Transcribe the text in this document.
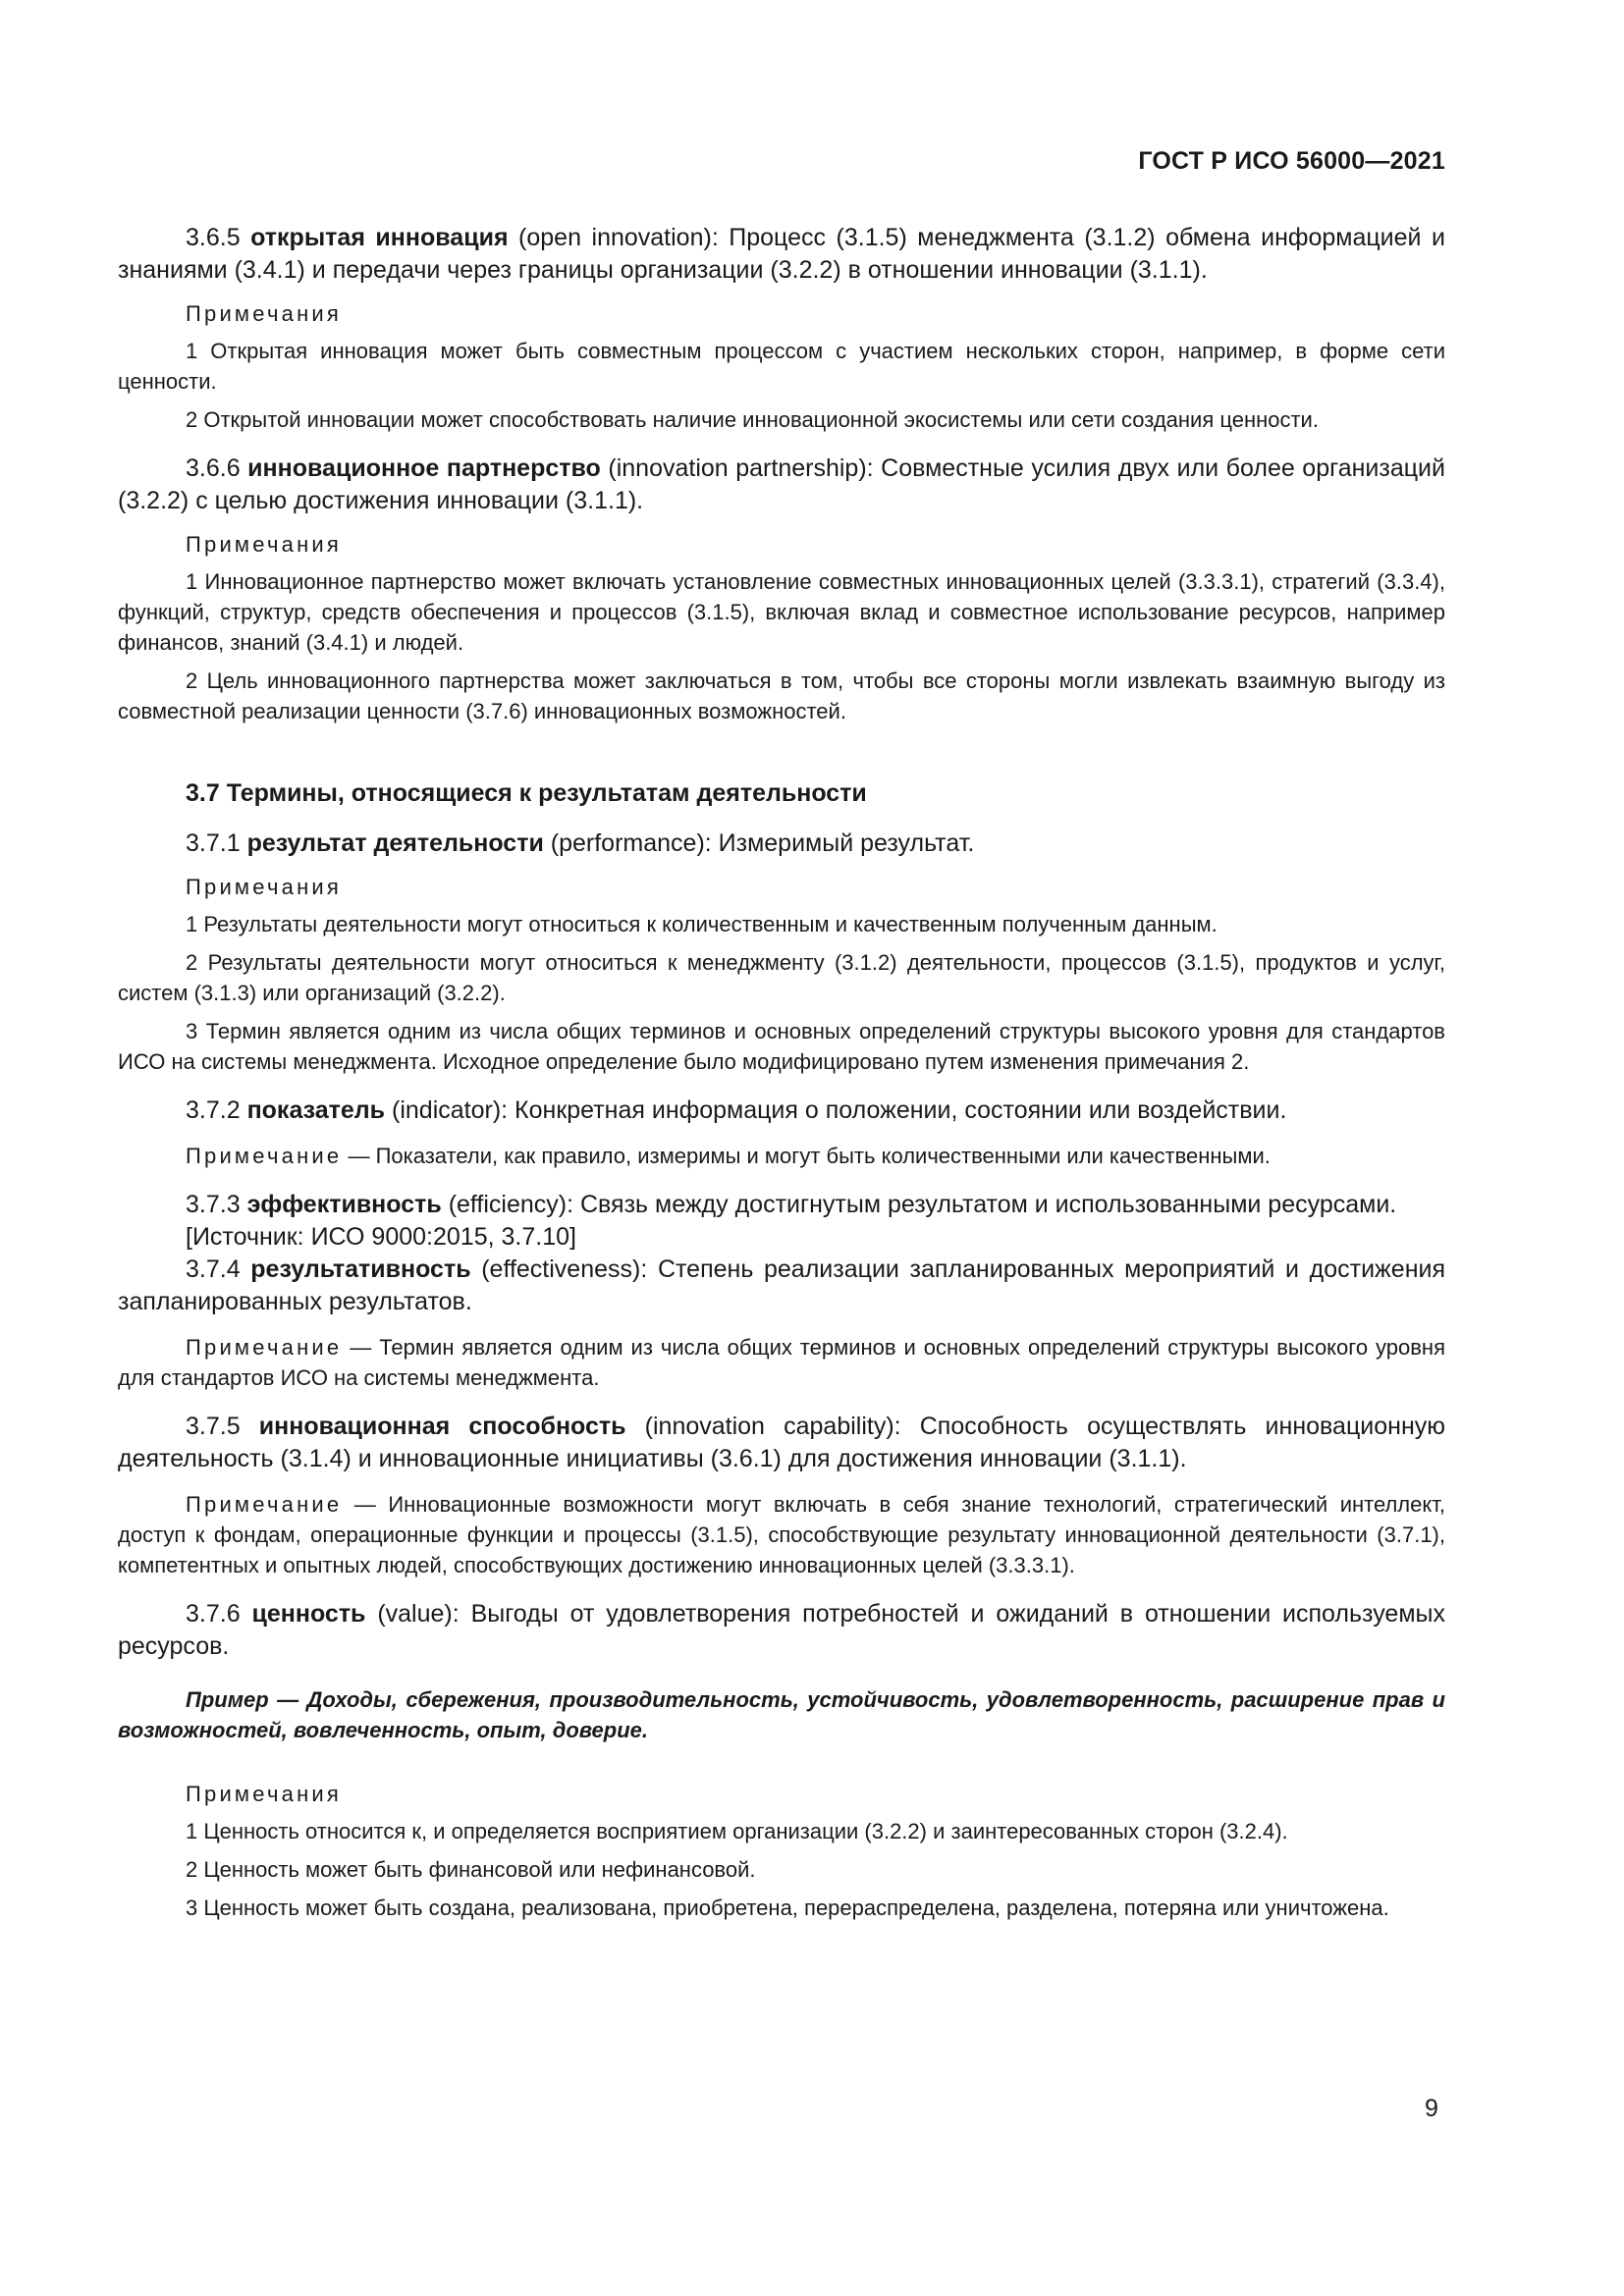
ГОСТ Р ИСО 56000—2021

3.6.5 открытая инновация (open innovation): Процесс (3.1.5) менеджмента (3.1.2) обмена информацией и знаниями (3.4.1) и передачи через границы организации (3.2.2) в отношении инновации (3.1.1).

Примечания

1 Открытая инновация может быть совместным процессом с участием нескольких сторон, например, в форме сети ценности.

2 Открытой инновации может способствовать наличие инновационной экосистемы или сети создания ценности.

3.6.6 инновационное партнерство (innovation partnership): Совместные усилия двух или более организаций (3.2.2) с целью достижения инновации (3.1.1).

Примечания

1 Инновационное партнерство может включать установление совместных инновационных целей (3.3.3.1), стратегий (3.3.4), функций, структур, средств обеспечения и процессов (3.1.5), включая вклад и совместное использование ресурсов, например финансов, знаний (3.4.1) и людей.

2 Цель инновационного партнерства может заключаться в том, чтобы все стороны могли извлекать взаимную выгоду из совместной реализации ценности (3.7.6) инновационных возможностей.

3.7 Термины, относящиеся к результатам деятельности

3.7.1 результат деятельности (performance): Измеримый результат.

Примечания

1 Результаты деятельности могут относиться к количественным и качественным полученным данным.

2 Результаты деятельности могут относиться к менеджменту (3.1.2) деятельности, процессов (3.1.5), продуктов и услуг, систем (3.1.3) или организаций (3.2.2).

3 Термин является одним из числа общих терминов и основных определений структуры высокого уровня для стандартов ИСО на системы менеджмента. Исходное определение было модифицировано путем изменения примечания 2.

3.7.2 показатель (indicator): Конкретная информация о положении, состоянии или воздействии.

Примечание — Показатели, как правило, измеримы и могут быть количественными или качественными.

3.7.3 эффективность (efficiency): Связь между достигнутым результатом и использованными ресурсами.

[Источник: ИСО 9000:2015, 3.7.10]

3.7.4 результативность (effectiveness): Степень реализации запланированных мероприятий и достижения запланированных результатов.

Примечание — Термин является одним из числа общих терминов и основных определений структуры высокого уровня для стандартов ИСО на системы менеджмента.

3.7.5 инновационная способность (innovation capability): Способность осуществлять инновационную деятельность (3.1.4) и инновационные инициативы (3.6.1) для достижения инновации (3.1.1).

Примечание — Инновационные возможности могут включать в себя знание технологий, стратегический интеллект, доступ к фондам, операционные функции и процессы (3.1.5), способствующие результату инновационной деятельности (3.7.1), компетентных и опытных людей, способствующих достижению инновационных целей (3.3.3.1).

3.7.6 ценность (value): Выгоды от удовлетворения потребностей и ожиданий в отношении используемых ресурсов.

Пример — Доходы, сбережения, производительность, устойчивость, удовлетворенность, расширение прав и возможностей, вовлеченность, опыт, доверие.

Примечания

1 Ценность относится к, и определяется восприятием организации (3.2.2) и заинтересованных сторон (3.2.4).

2 Ценность может быть финансовой или нефинансовой.

3 Ценность может быть создана, реализована, приобретена, перераспределена, разделена, потеряна или уничтожена.

9
